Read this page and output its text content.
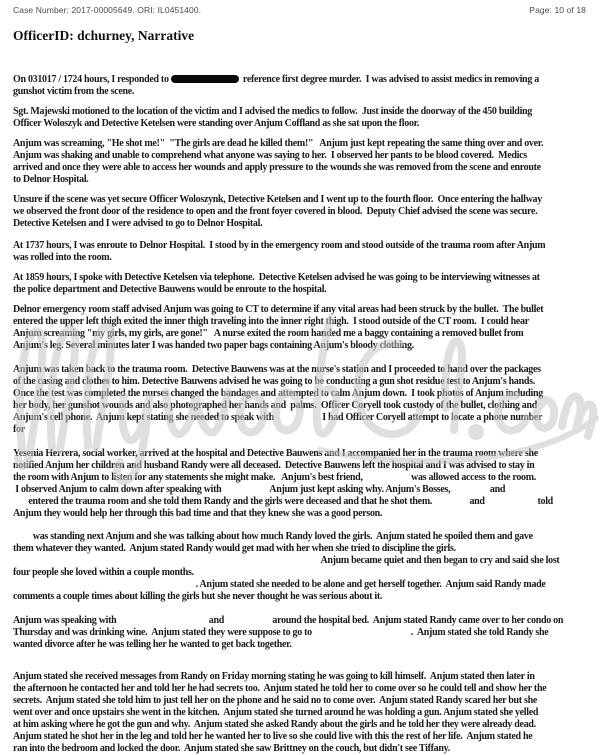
Case Number: 2017-00005649. ORI: IL0451400.	Page: 10 of 18
OfficerID: dchurney, Narrative
On 031017 / 1724 hours, I responded to	reference first degree murder.  I was advised to assist medics in removing a
gunshot victim from the scene.
Sgt. Majewski motioned to the location of the victim and I advised the medics to follow.  Just inside the doorway of the 450 building
Officer Woloszyk and Detective Ketelsen were standing over Anjum Coffland as she sat upon the floor.
Anjum was screaming, "He shot me!"  "The girls are dead he killed them!"   Anjum just kept repeating the same thing over and over.
Anjum was shaking and unable to comprehend what anyone was saying to her.  I observed her pants to be blood covered.  Medics
arrived and once they were able to access her wounds and apply pressure to the wounds she was removed from the scene and enroute
to Delnor Hospital.
Unsure if the scene was yet secure Officer Woloszynk, Detective Ketelsen and I went up to the fourth floor.  Once entering the hallway
we observed the front door of the residence to open and the front foyer covered in blood.  Deputy Chief advised the scene was secure.
Detective Ketelsen and I were advised to go to Delnor Hospital.
At 1737 hours, I was enroute to Delnor Hospital.  I stood by in the emergency room and stood outside of the trauma room after Anjum
was rolled into the room.
At 1859 hours, I spoke with Detective Ketelsen via telephone.  Detective Ketelsen advised he was going to be interviewing witnesses at
the police department and Detective Bauwens would be enroute to the hospital.
Delnor emergency room staff advised Anjum was going to CT to determine if any vital areas had been struck by the bullet.  The bullet
entered the upper left thigh exited the inner thigh traveling into the inner right thigh.  I stood outside of the CT room.  I could hear
Anjum screaming "my girls, my girls, are gone!"   A nurse exited the room handed me a baggy containing a removed bullet from
Anjum's leg. Several minutes later I was handed two paper bags containing Anjum's bloody clothing.
Anjum was taken back to the trauma room.  Detective Bauwens was at the nurse's station and I proceeded to hand over the packages
of the casing and clothes to him. Detective Bauwens advised he was going to be conducting a gun shot residue test to Anjum's hands.
Once the test was completed the nurses changed the bandages and attempted to calm Anjum down.  I took photos of Anjum including
her body, her gunshot wounds and also photographed her hands and  palms.  Officer Coryell took custody of the bullet, clothing and
Anjum's cell phone.  Anjum kept stating she needed to speak with                      I had Officer Coryell attempt to locate a phone number
for
Yesenia Herrera, social worker, arrived at the hospital and Detective Bauwens and I accompanied her in the trauma room where she
notified Anjum her children and husband Randy were all deceased.  Detective Bauwens left the hospital and I was advised to stay in
the room with Anjum to listen for any statements she might make.   Anjum's best friend,                      was allowed access to the room.
I observed Anjum to calm down after speaking with                      Anjum just kept asking why. Anjum's Bosses,                  and
entered the trauma room and she told them Randy and the girls were deceased and that he shot them.                 and                        told
Anjum they would help her through this bad time and that they knew she was a good person.
was standing next Anjum and she was talking about how much Randy loved the girls.  Anjum stated he spoiled them and gave
them whatever they wanted.  Anjum stated Randy would get mad with her when she tried to discipline the girls.
Anjum became quiet and then began to cry and said she lost
four people she loved within a couple months.
. Anjum stated she needed to be alone and get herself together.  Anjum said Randy made
comments a couple times about killing the girls but she never thought he was serious about it.
Anjum was speaking with                                          and                      around the hospital bed.  Anjum stated Randy came over to her condo on
Thursday and was drinking wine.  Anjum stated they were suppose to go to                                             .  Anjum stated she told Randy she
wanted divorce after he was telling her he wanted to get back together.
Anjum stated she received messages from Randy on Friday morning stating he was going to kill himself.  Anjum stated then later in
the afternoon he contacted her and told her he had secrets too.  Anjum stated he told her to come over so he could tell and show her the
secrets.  Anjum stated she told him to just tell her on the phone and he said no to come over.  Anjum stated Randy scared her but she
went over and once upstairs she went in the kitchen.  Anjum stated she turned around he was holding a gun. Anjum stated she yelled
at him asking where he got the gun and why.  Anjum stated she asked Randy about the girls and he told her they were already dead.
Anjum stated he shot her in the leg and told her he wanted her to live so she could live with this the rest of her life.  Anjum stated he
ran into the bedroom and locked the door.  Anjum stated she saw Brittney on the couch, but didn't see Tiffany.
